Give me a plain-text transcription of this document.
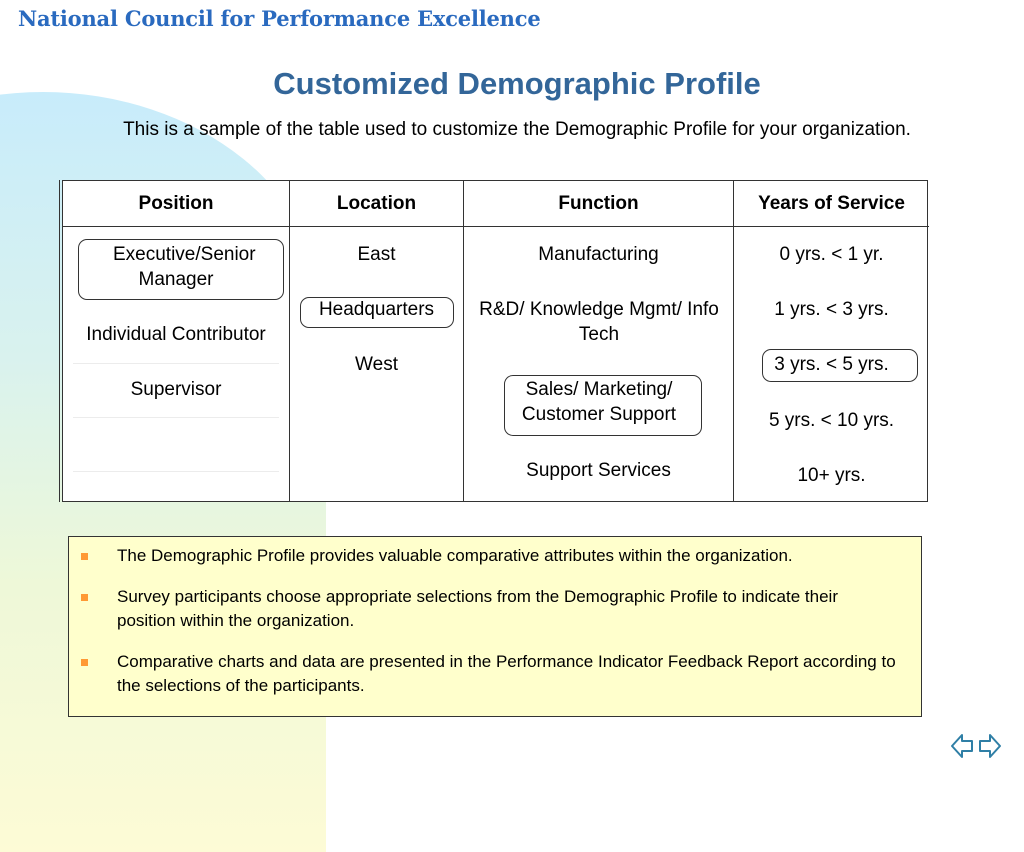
National Council for Performance Excellence
Customized Demographic Profile
This is a sample of the table used to customize the Demographic Profile for your organization.
Position
Executive/Senior Manager
Individual Contributor
Supervisor
Location
East
Headquarters
West
Function
Manufacturing
R&D/ Knowledge Mgmt/ Info Tech
Sales/ Marketing/ Customer Support
Support Services
Years of Service
0 yrs. < 1 yr.
1 yrs. < 3 yrs.
3 yrs. < 5 yrs.
5 yrs. < 10 yrs.
10+ yrs.
The Demographic Profile provides valuable comparative attributes within the organization.
Survey participants choose appropriate selections from the Demographic Profile to indicate their position within the organization.
Comparative charts and data are presented in the Performance Indicator Feedback Report according to the selections of the participants.
